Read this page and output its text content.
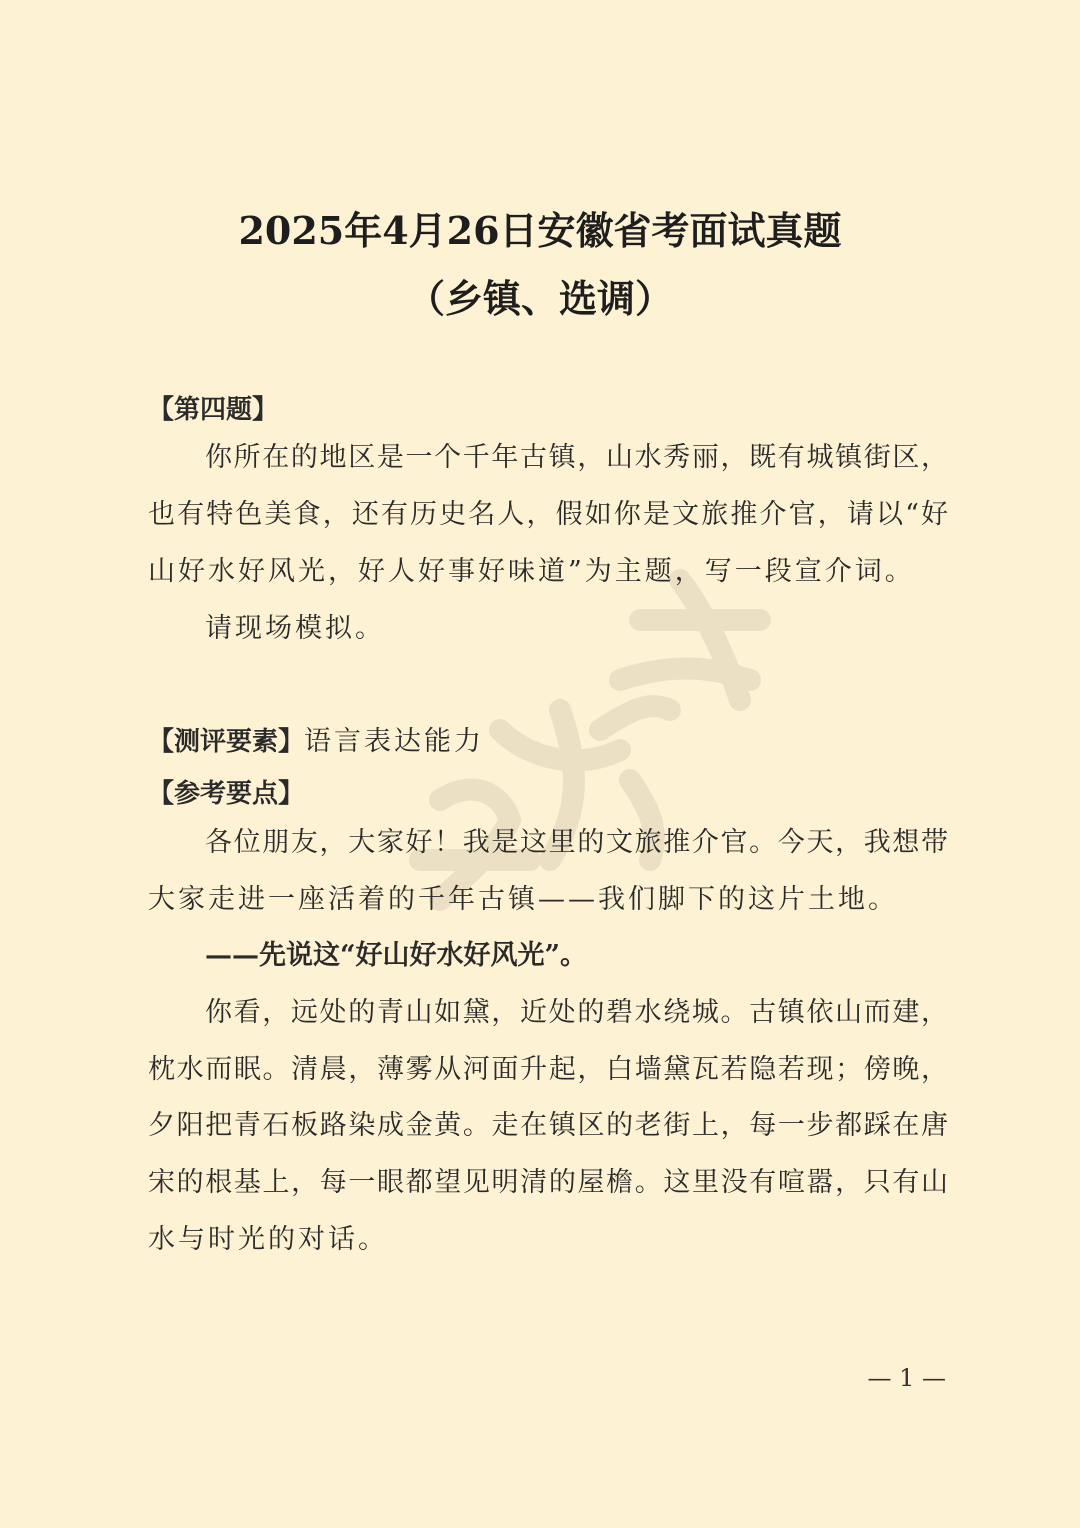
2025年4月26日安徽省考面试真题
（乡镇、选调）
【第四题】
你所在的地区是一个千年古镇，山水秀丽，既有城镇街区，
也有特色美食，还有历史名人，假如你是文旅推介官，请以“好
山好水好风光，好人好事好味道”为主题，写一段宣介词。
请现场模拟。
【测评要素】语言表达能力
【参考要点】
各位朋友，大家好！我是这里的文旅推介官。今天，我想带
大家走进一座活着的千年古镇——我们脚下的这片土地。
——先说这“好山好水好风光”。
你看，远处的青山如黛，近处的碧水绕城。古镇依山而建，
枕水而眠。清晨，薄雾从河面升起，白墙黛瓦若隐若现；傍晚，
夕阳把青石板路染成金黄。走在镇区的老街上，每一步都踩在唐
宋的根基上，每一眼都望见明清的屋檐。这里没有喧嚣，只有山
水与时光的对话。
— 1 —
